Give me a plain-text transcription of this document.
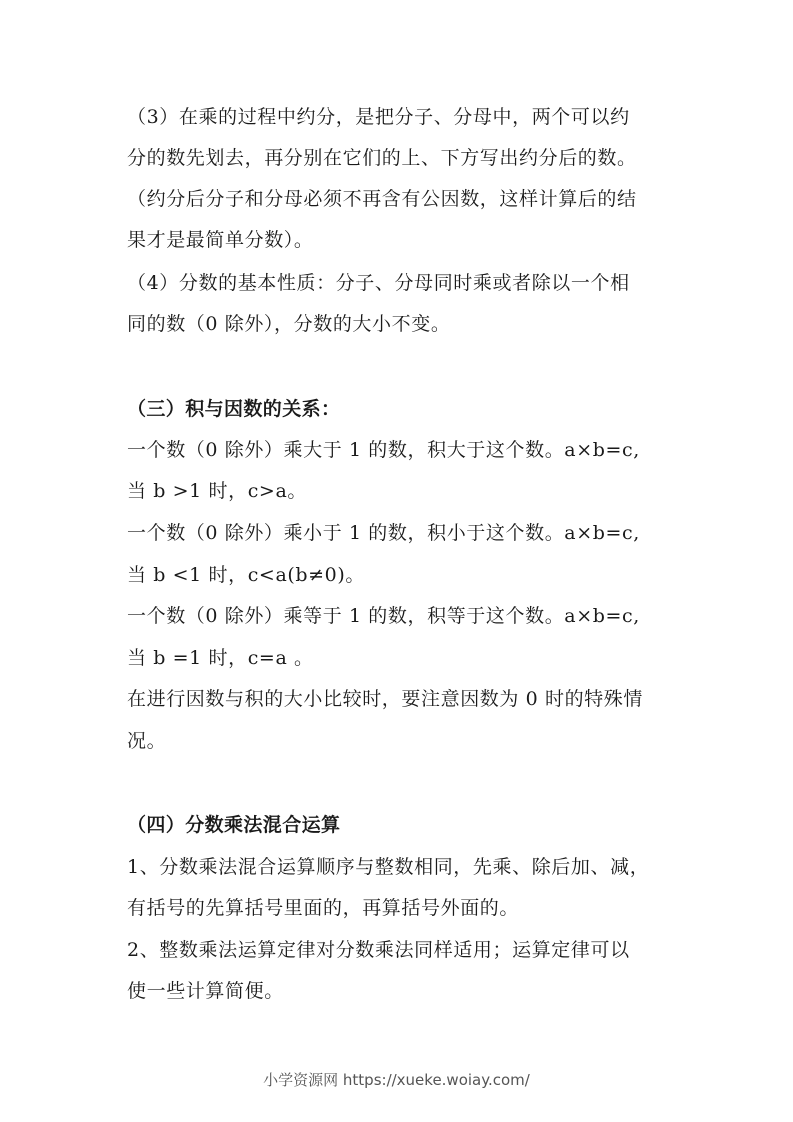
（3）在乘的过程中约分，是把分子、分母中，两个可以约
分的数先划去，再分别在它们的上、下方写出约分后的数。
（约分后分子和分母必须不再含有公因数，这样计算后的结
果才是最简单分数）。
（4）分数的基本性质：分子、分母同时乘或者除以一个相
同的数（0 除外），分数的大小不变。
（三）积与因数的关系：
一个数（0 除外）乘大于 1 的数，积大于这个数。a×b=c,
当 b >1 时，c>a。
一个数（0 除外）乘小于 1 的数，积小于这个数。a×b=c,
当 b <1 时，c<a(b≠0)。
一个数（0 除外）乘等于 1 的数，积等于这个数。a×b=c,
当 b =1 时，c=a 。
在进行因数与积的大小比较时，要注意因数为 0 时的特殊情
况。
（四）分数乘法混合运算
1、分数乘法混合运算顺序与整数相同，先乘、除后加、减，
有括号的先算括号里面的，再算括号外面的。
2、整数乘法运算定律对分数乘法同样适用；运算定律可以
使一些计算简便。
小学资源网 https://xueke.woiay.com/
